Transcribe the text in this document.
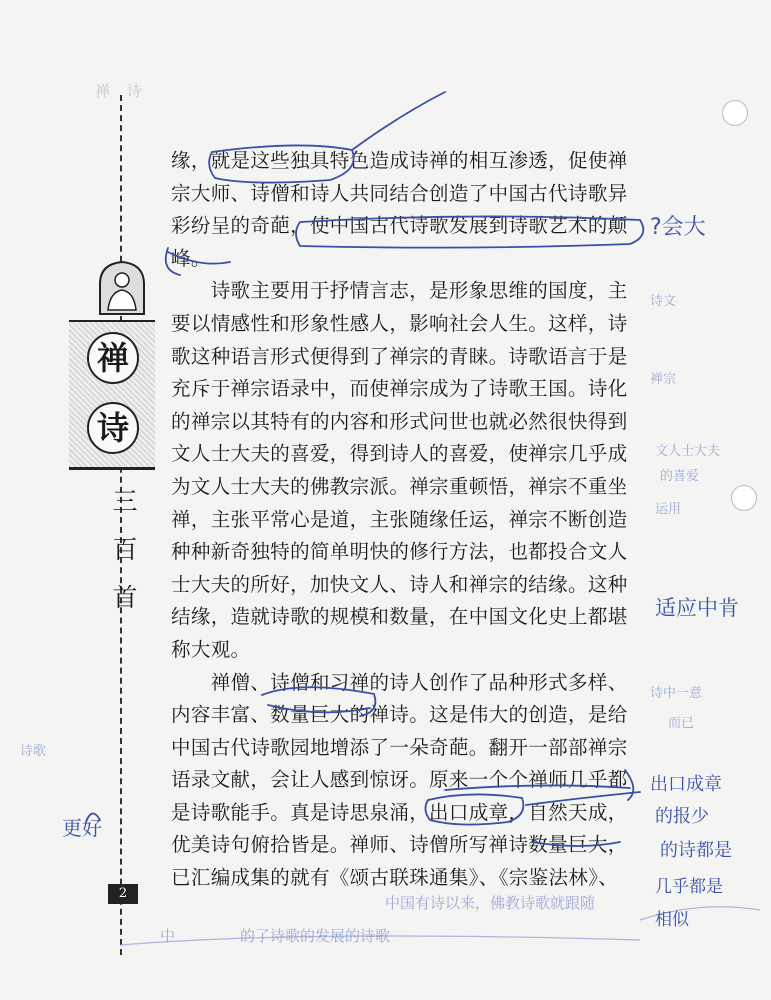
禅 诗
禅
诗
三
百
首
2
缘，就是这些独具特色造成诗禅的相互渗透，促使禅
宗大师、诗僧和诗人共同结合创造了中国古代诗歌异
彩纷呈的奇葩，使中国古代诗歌发展到诗歌艺术的颠
峰。
　　诗歌主要用于抒情言志，是形象思维的国度，主
要以情感性和形象性感人，影响社会人生。这样，诗
歌这种语言形式便得到了禅宗的青睐。诗歌语言于是
充斥于禅宗语录中，而使禅宗成为了诗歌王国。诗化
的禅宗以其特有的内容和形式问世也就必然很快得到
文人士大夫的喜爱，得到诗人的喜爱，使禅宗几乎成
为文人士大夫的佛教宗派。禅宗重顿悟，禅宗不重坐
禅，主张平常心是道，主张随缘任运，禅宗不断创造
种种新奇独特的简单明快的修行方法，也都投合文人
士大夫的所好，加快文人、诗人和禅宗的结缘。这种
结缘，造就诗歌的规模和数量，在中国文化史上都堪
称大观。
　　禅僧、诗僧和习禅的诗人创作了品种形式多样、
内容丰富、数量巨大的禅诗。这是伟大的创造，是给
中国古代诗歌园地增添了一朵奇葩。翻开一部部禅宗
语录文献，会让人感到惊讶。原来一个个禅师几乎都
是诗歌能手。真是诗思泉涌，出口成章，自然天成，
优美诗句俯拾皆是。禅师、诗僧所写禅诗数量巨大，
已汇编成集的就有《颂古联珠通集》、《宗鉴法林》、
?会大
适应中肯
出口成章
的报少
的诗都是
几乎都是
相似
更好
诗文
禅宗
文人士大夫
的喜爱
运用
诗中一意
而已
中国有诗以来，佛教诗歌就跟随
诗歌
中	的了诗歌的发展的诗歌
